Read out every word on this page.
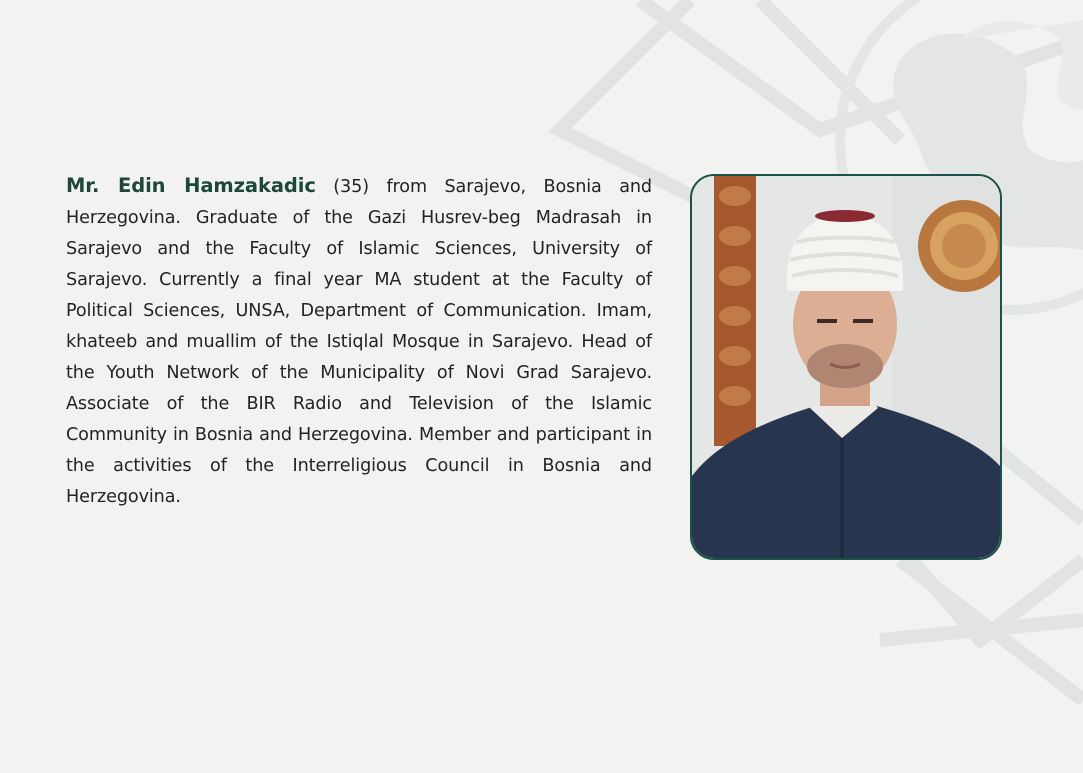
Mr. Edin Hamzakadic (35) from Sarajevo, Bosnia and Herzegovina. Graduate of the Gazi Husrev-beg Madrasah in Sarajevo and the Faculty of Islamic Sciences, University of Sarajevo. Currently a final year MA student at the Faculty of Political Sciences, UNSA, Department of Communication. Imam, khateeb and muallim of the Istiqlal Mosque in Sarajevo. Head of the Youth Network of the Municipality of Novi Grad Sarajevo. Associate of the BIR Radio and Television of the Islamic Community in Bosnia and Herzegovina. Member and participant in the activities of the Interreligious Council in Bosnia and Herzegovina.
